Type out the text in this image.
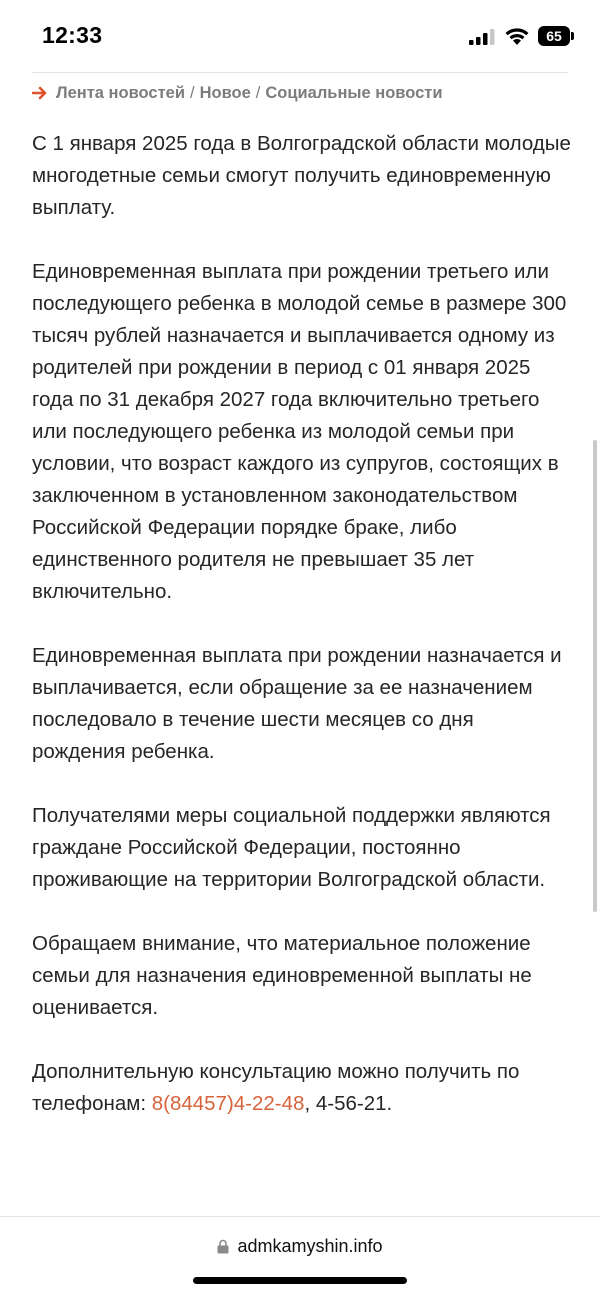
12:33	65
Лента новостей / Новое / Социальные новости

С 1 января 2025 года в Волгоградской области молодые многодетные семьи смогут получить единовременную выплату.

Единовременная выплата при рождении третьего или последующего ребенка в молодой семье в размере 300 тысяч рублей назначается и выплачивается одному из родителей при рождении в период с 01 января 2025 года по 31 декабря 2027 года включительно третьего или последующего ребенка из молодой семьи при условии, что возраст каждого из супругов, состоящих в заключенном в установленном законодательством Российской Федерации порядке браке, либо единственного родителя не превышает 35 лет включительно.

Единовременная выплата при рождении назначается и выплачивается, если обращение за ее назначением последовало в течение шести месяцев со дня рождения ребенка.

Получателями меры социальной поддержки являются граждане Российской Федерации, постоянно проживающие на территории Волгоградской области.

Обращаем внимание, что материальное положение семьи для назначения единовременной выплаты не оценивается.

Дополнительную консультацию можно получить по телефонам: 8(84457)4-22-48, 4-56-21.

admkamyshin.info
